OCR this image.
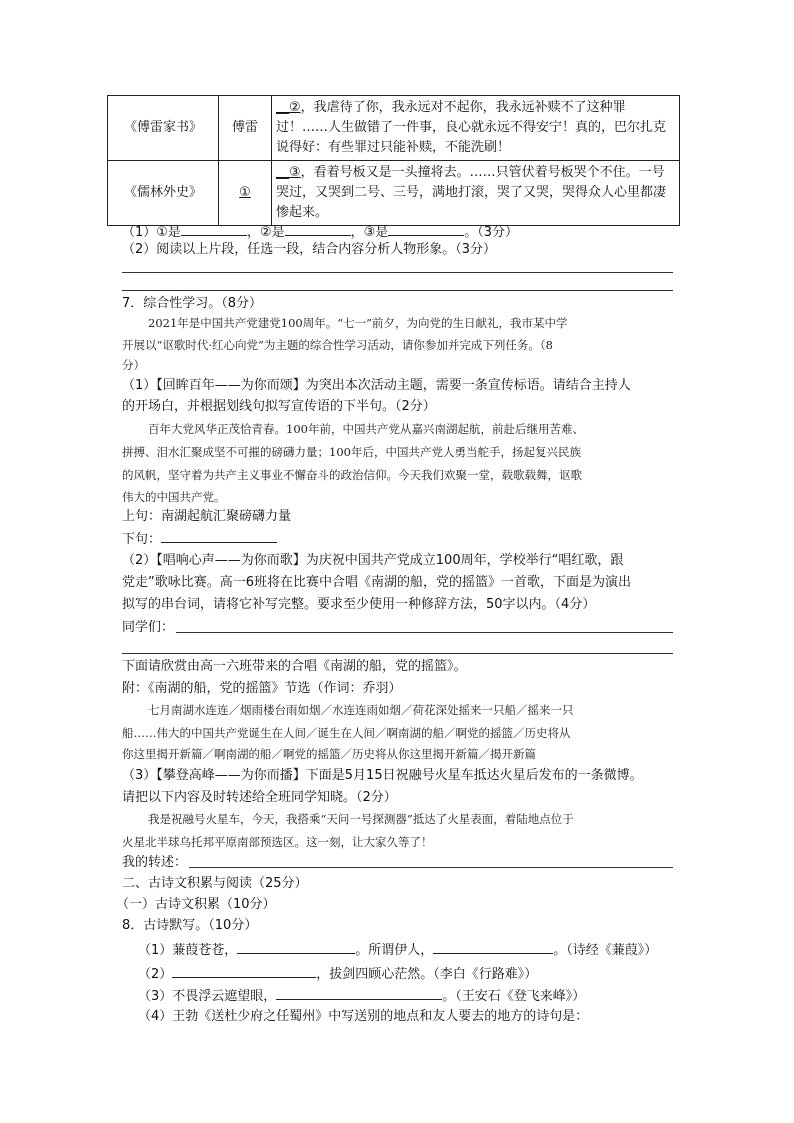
《傅雷家书》	傅雷	__②，我虐待了你，我永远对不起你，我永远补赎不了这种罪过！……人生做错了一件事，良心就永远不得安宁！真的，巴尔扎克说得好：有些罪过只能补赎，不能洗刷！
《儒林外史》	①	__③，看着号板又是一头撞将去。……只管伏着号板哭个不住。一号哭过，又哭到二号、三号，满地打滚，哭了又哭，哭得众人心里都凄惨起来。
（1）①是	，②是	，③是	。（3分）
（2）阅读以上片段，任选一段，结合内容分析人物形象。（3分）
7．综合性学习。（8分）
2021年是中国共产党建党100周年。“七一”前夕，为向党的生日献礼，我市某中学
开展以“讴歌时代·红心向党”为主题的综合性学习活动，请你参加并完成下列任务。（8
分）
（1）【回眸百年——为你而颂】为突出本次活动主题，需要一条宣传标语。请结合主持人
的开场白，并根据划线句拟写宣传语的下半句。（2分）
百年大党风华正茂恰青春。100年前，中国共产党从嘉兴南湖起航，前赴后继用苦难、
拼搏、泪水汇聚成坚不可摧的磅礴力量；100年后，中国共产党人勇当舵手，扬起复兴民族
的风帆，坚守着为共产主义事业不懈奋斗的政治信仰。今天我们欢聚一堂，载歌载舞，讴歌
伟大的中国共产党。
上句：南湖起航汇聚磅礴力量
下句：
（2）【唱响心声——为你而歌】为庆祝中国共产党成立100周年，学校举行“唱红歌，跟
党走”歌咏比赛。高一6班将在比赛中合唱《南湖的船，党的摇篮》一首歌，下面是为演出
拟写的串台词，请将它补写完整。要求至少使用一种修辞方法，50字以内。（4分）
同学们：
下面请欣赏由高一六班带来的合唱《南湖的船，党的摇篮》。
附：《南湖的船，党的摇篮》节选（作词：乔羽）
七月南湖水连连／烟雨楼台雨如烟／水连连雨如烟／荷花深处摇来一只船／摇来一只
船……伟大的中国共产党诞生在人间／诞生在人间／啊南湖的船／啊党的摇篮／历史将从
你这里揭开新篇／啊南湖的船／啊党的摇篮／历史将从你这里揭开新篇／揭开新篇
（3）【攀登高峰——为你而播】下面是5月15日祝融号火星车抵达火星后发布的一条微博。
请把以下内容及时转述给全班同学知晓。（2分）
我是祝融号火星车，今天，我搭乘“天问一号探测器”抵达了火星表面，着陆地点位于
火星北半球乌托邦平原南部预选区。这一刻，让大家久等了！
我的转述：
二、古诗文积累与阅读（25分）
（一）古诗文积累（10分）
8．古诗默写。（10分）
（1）蒹葭苍苍，	。所谓伊人，	。（诗经《蒹葭》）
（2）	，拔剑四顾心茫然。（李白《行路难》）
（3）不畏浮云遮望眼，	。（王安石《登飞来峰》）
（4）王勃《送杜少府之任蜀州》中写送别的地点和友人要去的地方的诗句是：
